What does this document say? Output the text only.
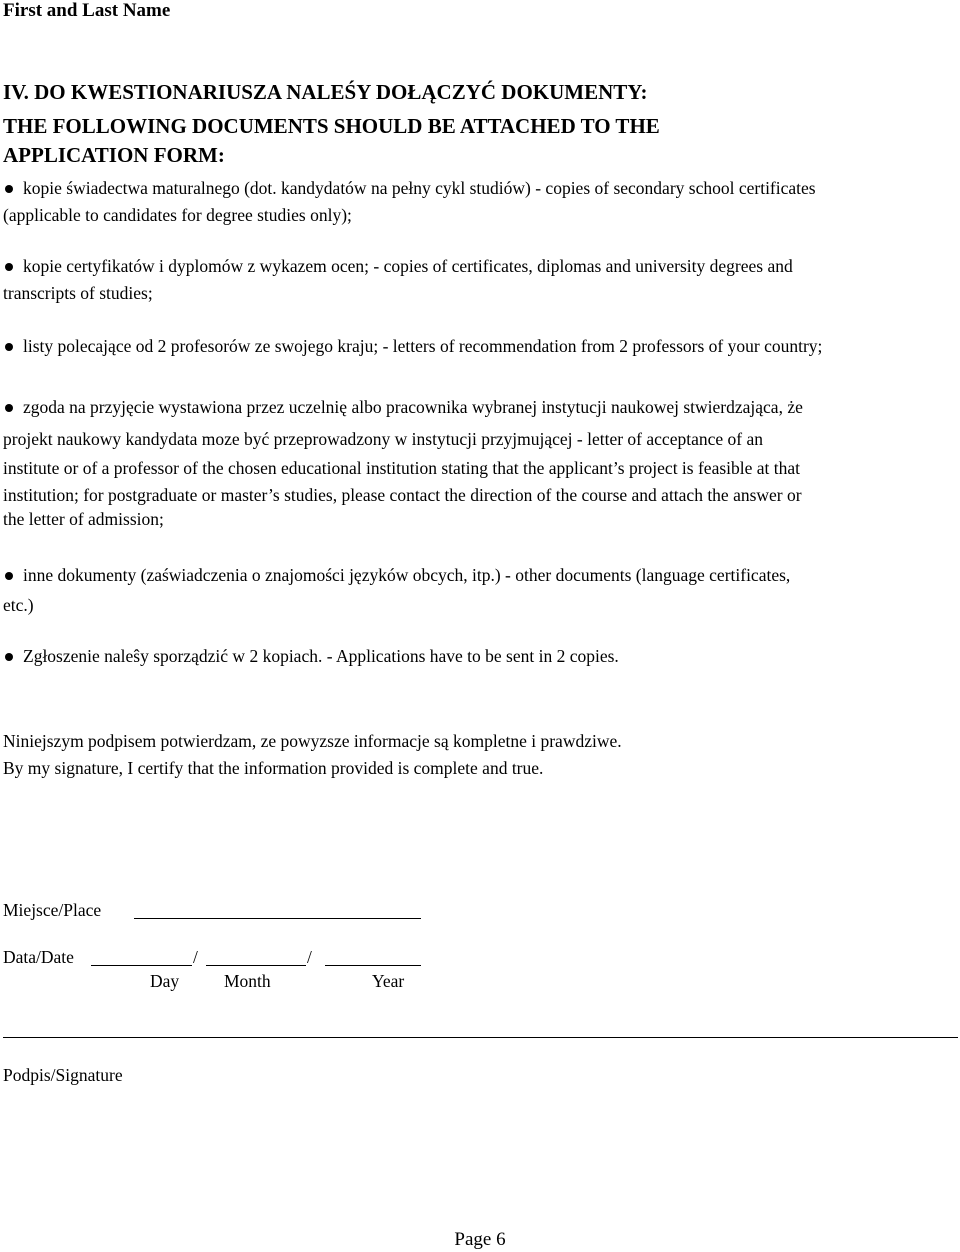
First and Last Name
IV. DO KWESTIONARIUSZA NALEŚY DOŁĄCZYĆ DOKUMENTY:
THE FOLLOWING DOCUMENTS SHOULD BE ATTACHED TO THE
APPLICATION FORM:
kopie świadectwa maturalnego (dot. kandydatów na pełny cykl studiów) - copies of secondary school certificates
(applicable to candidates for degree studies only);
kopie certyfikatów i dyplomów z wykazem ocen; - copies of certificates, diplomas and university degrees and
transcripts of studies;
listy polecające od 2 profesorów ze swojego kraju; - letters of recommendation from 2 professors of your country;
zgoda na przyjęcie wystawiona przez uczelnię albo pracownika wybranej instytucji naukowej stwierdzająca, że
projekt naukowy kandydata moze być przeprowadzony w instytucji przyjmującej - letter of acceptance of an
institute or of a professor of the chosen educational institution stating that the applicant’s project is feasible at that
institution; for postgraduate or master’s studies, please contact the direction of the course and attach the answer or
the letter of admission;
inne dokumenty (zaświadczenia o znajomości języków obcych, itp.) - other documents (language certificates,
etc.)
Zgłoszenie naleŝy sporządzić w 2 kopiach. - Applications have to be sent in 2 copies.
Niniejszym podpisem potwierdzam, ze powyzsze informacje są kompletne i prawdziwe.
By my signature, I certify that the information provided is complete and true.
Miejsce/Place
Data/Date	/	/
Day	Month	Year
Podpis/Signature
Page 6
